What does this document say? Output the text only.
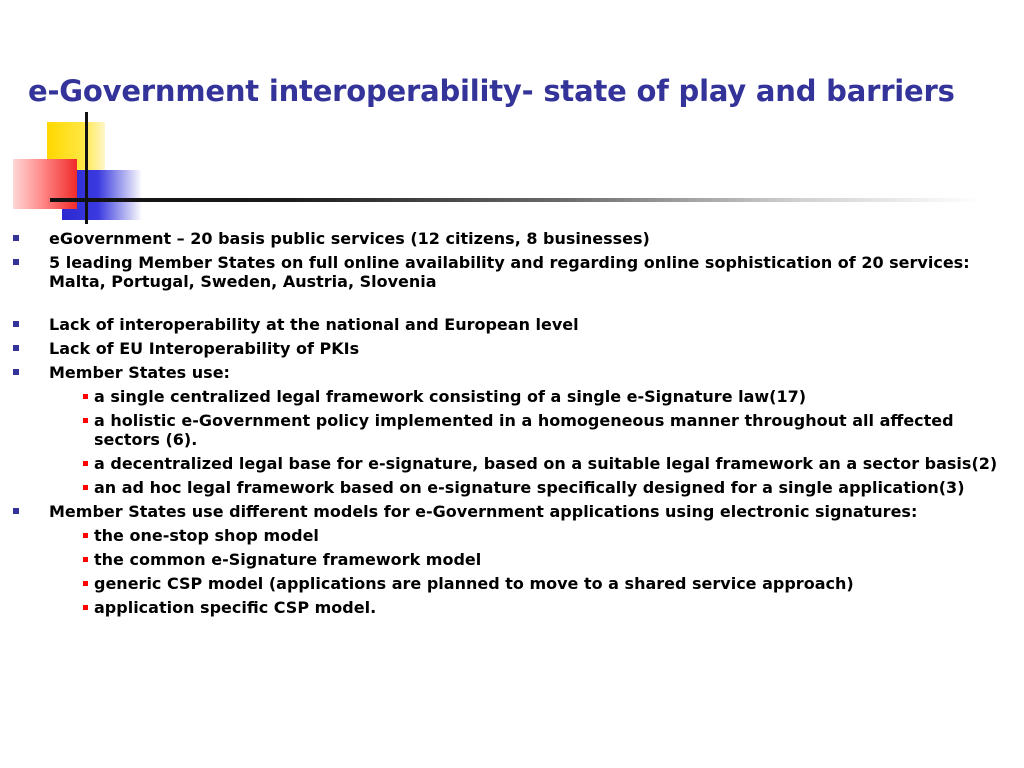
e-Government interoperability- state of play and barriers
eGovernment – 20 basis public services (12 citizens, 8 businesses)
5 leading Member States on full online availability and regarding online sophistication of 20 services: Malta, Portugal, Sweden, Austria, Slovenia
Lack of interoperability at the national and European level
Lack of EU Interoperability of PKIs
Member States use:
a single centralized legal framework consisting of a single e-Signature law(17)
a holistic e-Government policy implemented in a homogeneous manner throughout all affected sectors (6).
a decentralized legal base for e-signature, based on a suitable legal framework an a sector basis(2)
an ad hoc legal framework based on e-signature specifically designed for a single application(3)
Member States use different models for e-Government applications using electronic signatures:
the one-stop shop model
the common e-Signature framework model
generic CSP model (applications are planned to move to a shared service approach)
application specific CSP model.
